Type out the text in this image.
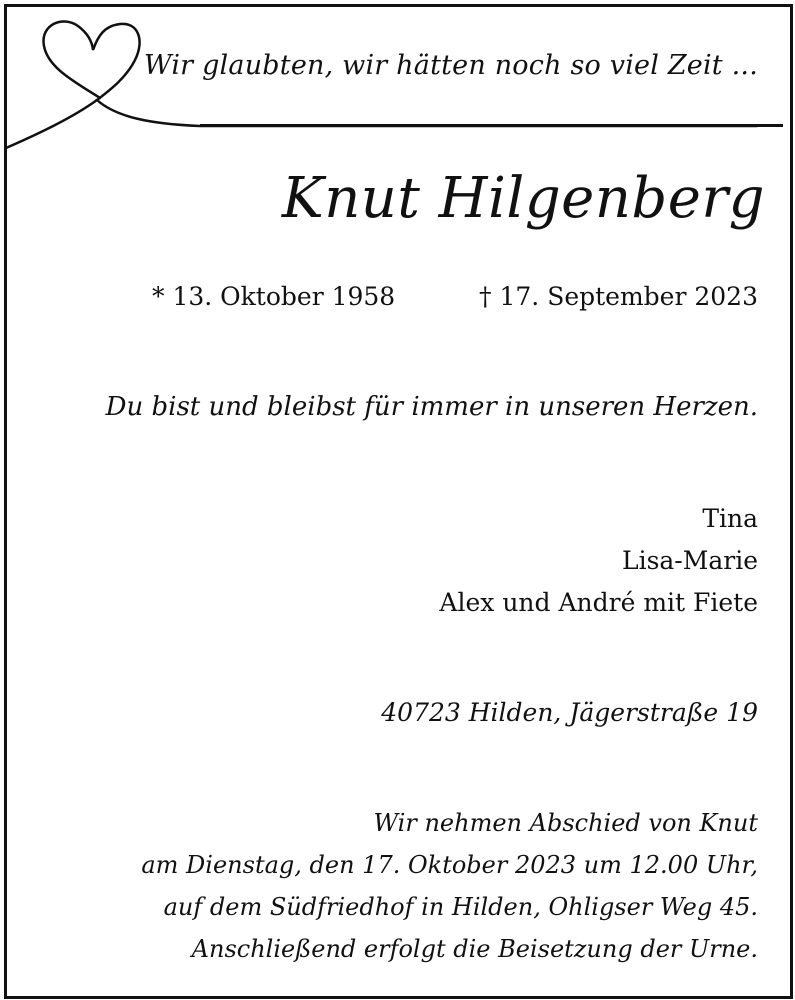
Wir glaubten, wir hätten noch so viel Zeit ...
Knut Hilgenberg
* 13. Oktober 1958	† 17. September 2023
Du bist und bleibst für immer in unseren Herzen.
Tina
Lisa-Marie
Alex und André mit Fiete
40723 Hilden, Jägerstraße 19
Wir nehmen Abschied von Knut
am Dienstag, den 17. Oktober 2023 um 12.00 Uhr,
auf dem Südfriedhof in Hilden, Ohligser Weg 45.
Anschließend erfolgt die Beisetzung der Urne.
